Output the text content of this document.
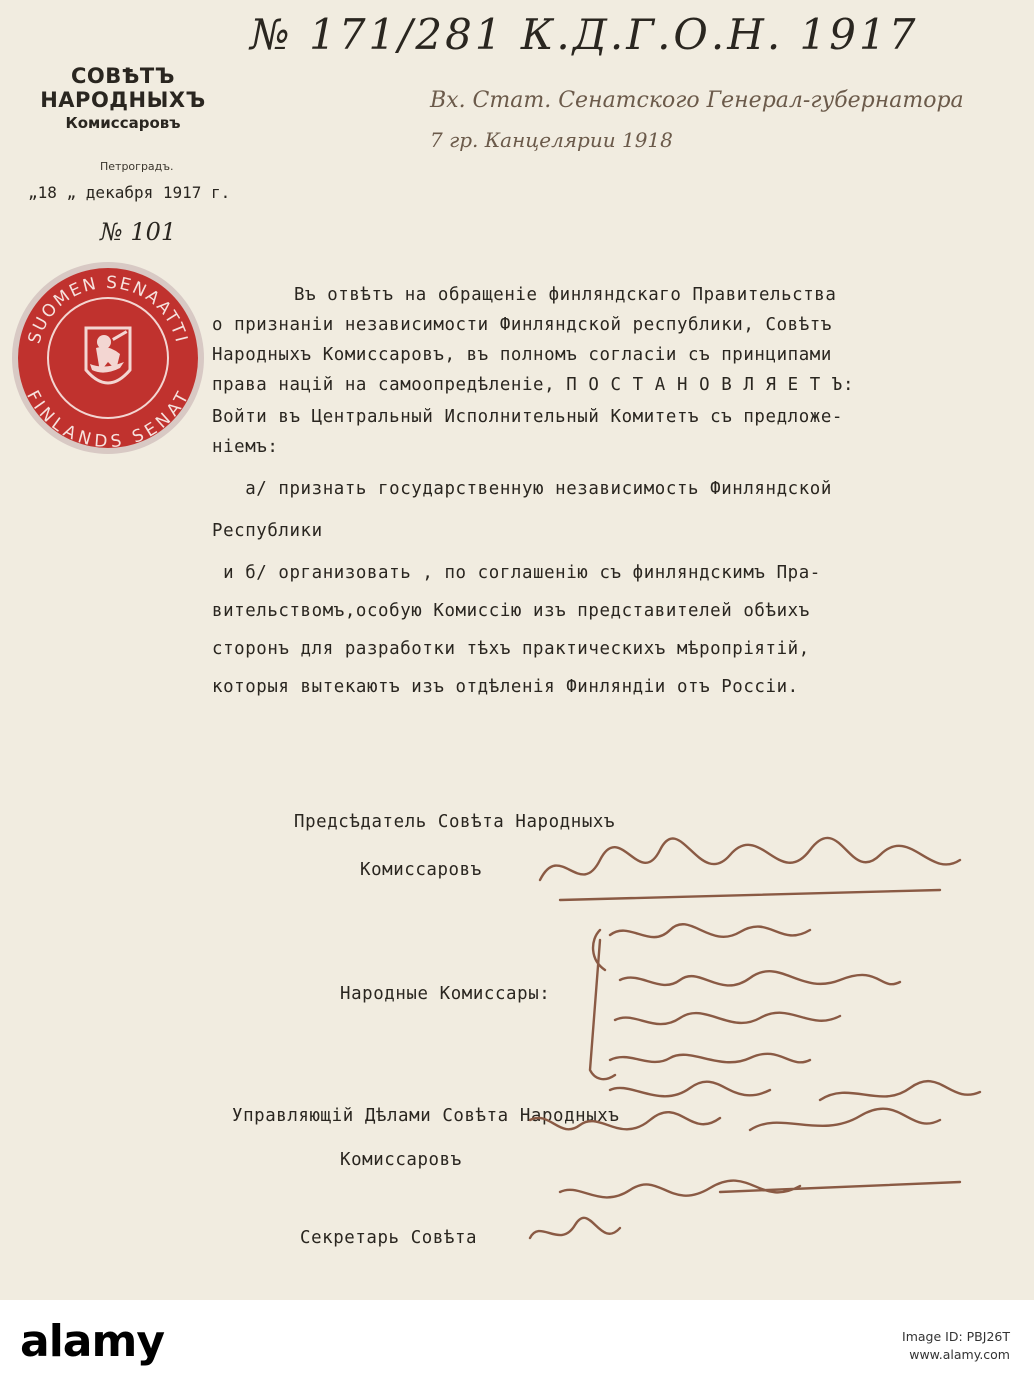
№ 171/281 К.Д.Г.О.Н. 1917
Вх. Стат. Сенатского Генерал-губернатора
7 гр. Канцелярии 1918
СОВѢТЪ НАРОДНЫХЪ
Комиссаровъ
Петроградъ.
„18 „ декабря 1917 г.
№ 101
SUOMEN SENAATTI
FINLANDS SENAT
Въ отвѣтъ на обращеніе финляндскаго Правительства
о признаніи независимости Финляндской республики, Совѣтъ
Народныхъ Комиссаровъ, въ полномъ согласіи съ принципами
права націй на самоопредѣленіе, П О С Т А Н О В Л Я Е Т Ъ:
Войти въ Центральный Исполнительный Комитетъ съ предложе-
ніемъ:
а/ признать государственную независимость Финляндской
Республики
и б/ организовать , по соглашенію съ финляндскимъ Пра-
вительствомъ,особую Комиссію изъ представителей обѣихъ
сторонъ для разработки тѣхъ практическихъ мѣропріятій,
которыя вытекаютъ изъ отдѣленія Финляндіи отъ Россіи.
Предсѣдатель Совѣта Народныхъ
Комиссаровъ
Народные Комиссары:
Управляющій Дѣлами Совѣта Народныхъ
Комиссаровъ
Секретарь Совѣта
alamy	Image ID: PBJ26T
www.alamy.com
